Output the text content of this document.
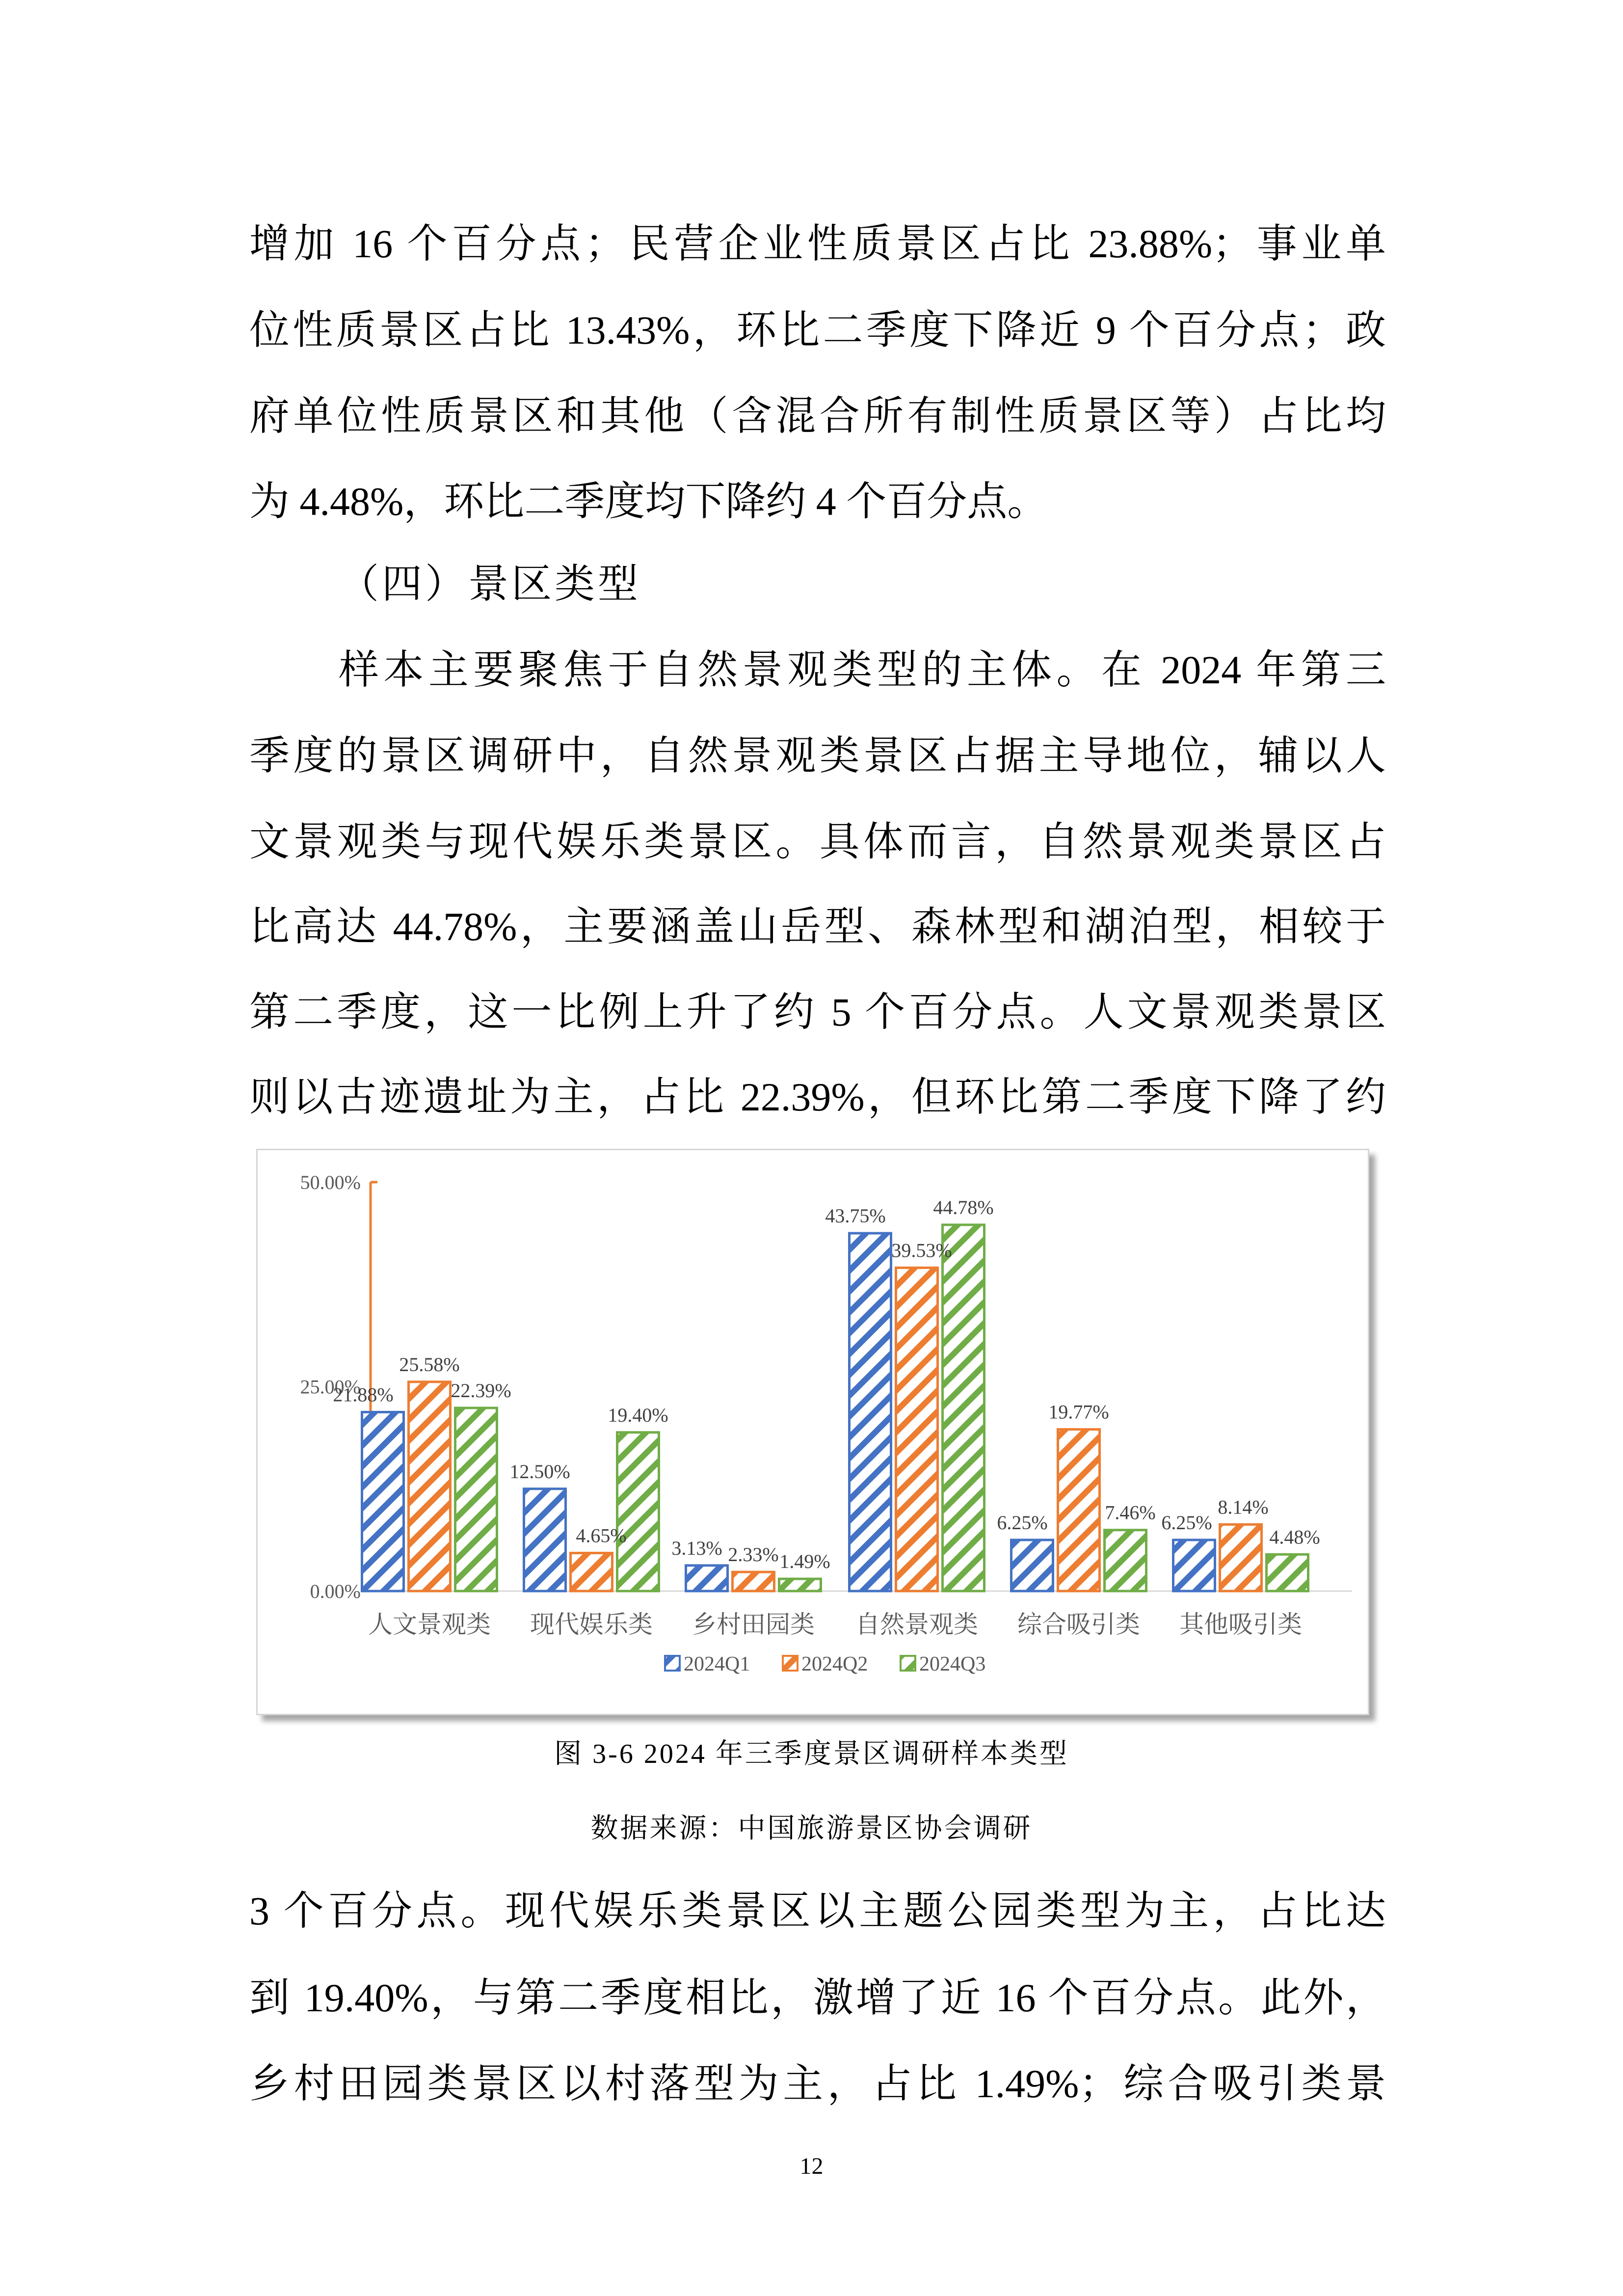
增加 16 个百分点；民营企业性质景区占比 23.88%；事业单
位性质景区占比 13.43%，环比二季度下降近 9 个百分点；政
府单位性质景区和其他（含混合所有制性质景区等）占比均
为 4.48%，环比二季度均下降约 4 个百分点。
（四）景区类型
样本主要聚焦于自然景观类型的主体。在 2024 年第三
季度的景区调研中，自然景观类景区占据主导地位，辅以人
文景观类与现代娱乐类景区。具体而言，自然景观类景区占
比高达 44.78%，主要涵盖山岳型、森林型和湖泊型，相较于
第二季度，这一比例上升了约 5 个百分点。人文景观类景区
则以古迹遗址为主，占比 22.39%，但环比第二季度下降了约
0.00%
25.00%
50.00%
21.88%
25.58%
22.39%
12.50%
4.65%
19.40%
3.13% 2.33% 1.49%
43.75%
39.53%
44.78%
6.25%
19.77%
7.46% 6.25%
8.14%
4.48%
人文景观类 现代娱乐类 乡村田园类 自然景观类 综合吸引类 其他吸引类
2024Q1 2024Q2 2024Q3
图 3-6 2024 年三季度景区调研样本类型
数据来源：中国旅游景区协会调研
3 个百分点。现代娱乐类景区以主题公园类型为主，占比达
到 19.40%，与第二季度相比，激增了近 16 个百分点。此外，
乡村田园类景区以村落型为主，占比 1.49%；综合吸引类景
12
